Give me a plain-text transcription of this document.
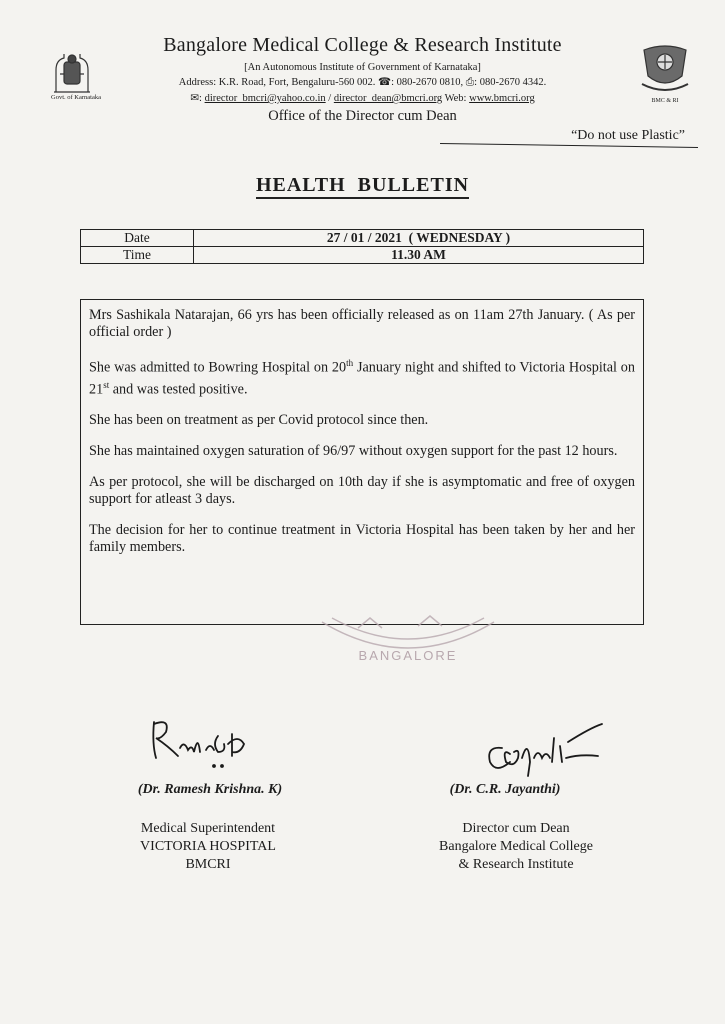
Govt. of Karnataka	BMC & RI
Bangalore Medical College & Research Institute
[An Autonomous Institute of Government of Karnataka]
Address: K.R. Road, Fort, Bengaluru-560 002. ☎: 080-2670 0810, ⎙: 080-2670 4342.
✉: director_bmcri@yahoo.co.in / director_dean@bmcri.org Web: www.bmcri.org
Office of the Director cum Dean
“Do not use Plastic”
HEALTH  BULLETIN
Date	27 / 01 / 2021  ( WEDNESDAY )
Time	11.30 AM

Mrs Sashikala Natarajan, 66 yrs has been officially released as on 11am 27th January. ( As per official order )

She was admitted to Bowring Hospital on 20th January night and shifted to Victoria Hospital on 21st and was tested positive.

She has been on treatment as per Covid protocol since then.

She has maintained oxygen saturation of 96/97 without oxygen support for the past 12 hours.

As per protocol, she will be discharged on 10th day if she is asymptomatic and free of oxygen support for atleast 3 days.

The decision for her to continue treatment in Victoria Hospital has been taken by her and her family members.

BANGALORE
(Dr. Ramesh Krishna. K)	(Dr. C.R. Jayanthi)
Medical Superintendent
VICTORIA HOSPITAL
BMCRI
Director cum Dean
Bangalore Medical College
& Research Institute
